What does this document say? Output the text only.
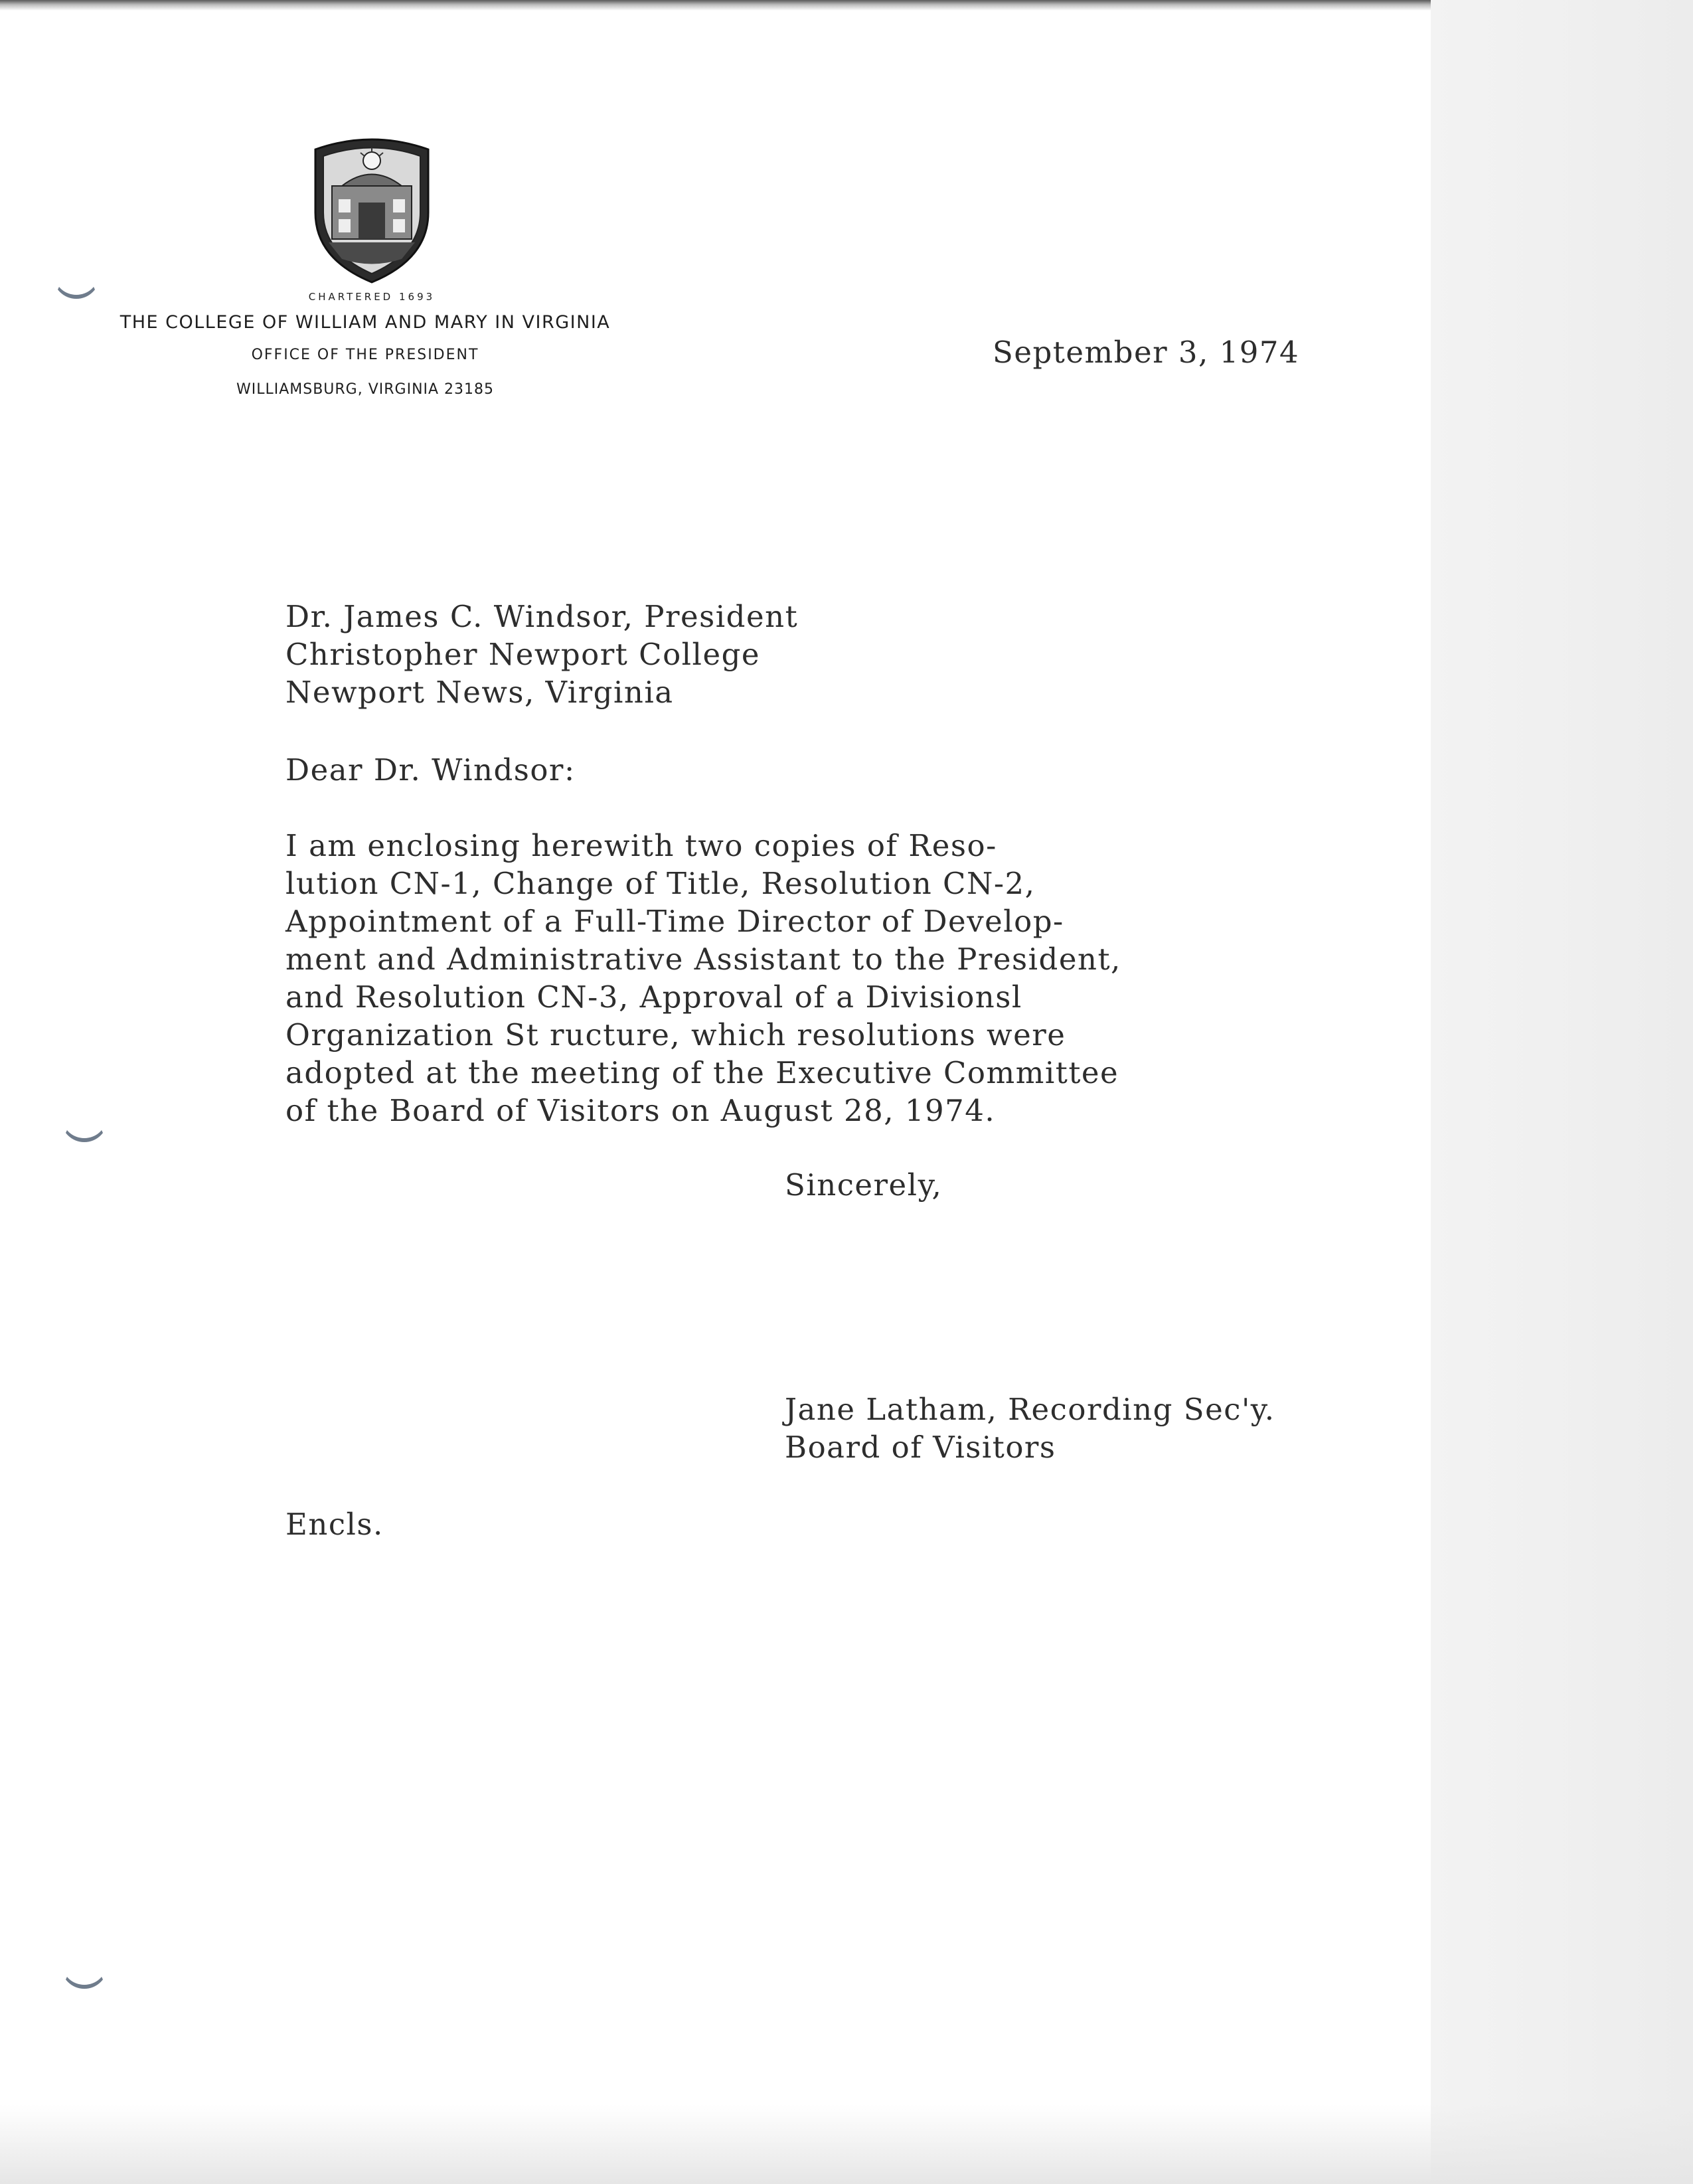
CHARTERED 1693
THE COLLEGE OF WILLIAM AND MARY IN VIRGINIA
OFFICE OF THE PRESIDENT
WILLIAMSBURG, VIRGINIA 23185
September 3, 1974
Dr. James C. Windsor, President
Christopher Newport College
Newport News, Virginia
Dear Dr. Windsor:
I am enclosing herewith two copies of Reso-
lution CN-1, Change of Title, Resolution CN-2,
Appointment of a Full-Time Director of Develop-
ment and Administrative Assistant to the President,
and Resolution CN-3, Approval of a Divisionsl
Organization St ructure, which resolutions were
adopted at the meeting of the Executive Committee
of the Board of Visitors on August 28, 1974.
Sincerely,
Jane Latham, Recording Sec'y.
Board of Visitors
Encls.
